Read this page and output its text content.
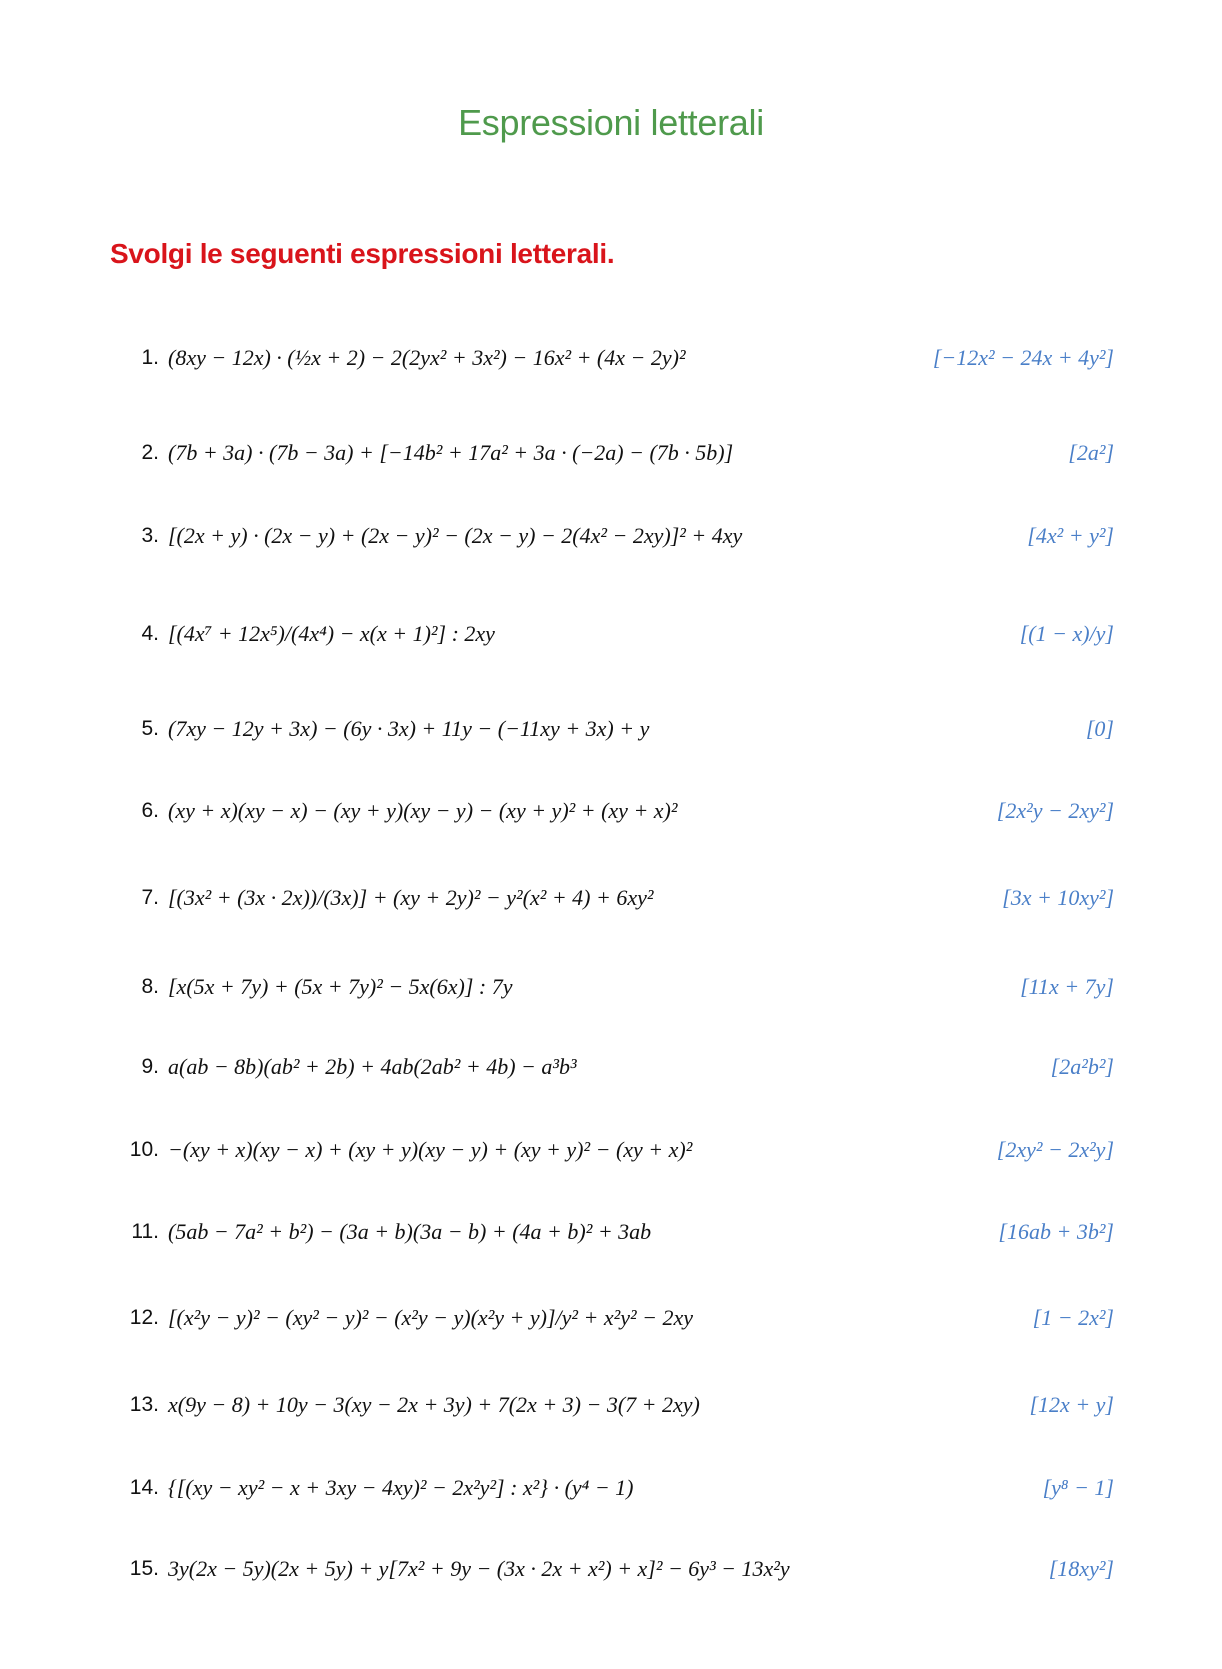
Espressioni letterali
Svolgi le seguenti espressioni letterali.
1. (8xy − 12x) · (½x + 2) − 2(2yx² + 3x²) − 16x² + (4x − 2y)²	[−12x² − 24x + 4y²]
2. (7b + 3a) · (7b − 3a) + [−14b² + 17a² + 3a · (−2a) − (7b · 5b)]	[2a²]
3. [(2x + y) · (2x − y) + (2x − y)² − (2x − y) − 2(4x² − 2xy)]² + 4xy	[4x² + y²]
4. [(4x⁷ + 12x⁵)/(4x⁴) − x(x + 1)²] : 2xy	[(1 − x)/y]
5. (7xy − 12y + 3x) − (6y · 3x) + 11y − (−11xy + 3x) + y	[0]
6. (xy + x)(xy − x) − (xy + y)(xy − y) − (xy + y)² + (xy + x)²	[2x²y − 2xy²]
7. [(3x² + (3x · 2x))/(3x)] + (xy + 2y)² − y²(x² + 4) + 6xy²	[3x + 10xy²]
8. [x(5x + 7y) + (5x + 7y)² − 5x(6x)] : 7y	[11x + 7y]
9. a(ab − 8b)(ab² + 2b) + 4ab(2ab² + 4b) − a³b³	[2a²b²]
10. −(xy + x)(xy − x) + (xy + y)(xy − y) + (xy + y)² − (xy + x)²	[2xy² − 2x²y]
11. (5ab − 7a² + b²) − (3a + b)(3a − b) + (4a + b)² + 3ab	[16ab + 3b²]
12. [(x²y − y)² − (xy² − y)² − (x²y − y)(x²y + y)]/y² + x²y² − 2xy	[1 − 2x²]
13. x(9y − 8) + 10y − 3(xy − 2x + 3y) + 7(2x + 3) − 3(7 + 2xy)	[12x + y]
14. {[(xy − xy² − x + 3xy − 4xy)² − 2x²y²] : x²} · (y⁴ − 1)	[y⁸ − 1]
15. 3y(2x − 5y)(2x + 5y) + y[7x² + 9y − (3x · 2x + x²) + x]² − 6y³ − 13x²y	[18xy²]
